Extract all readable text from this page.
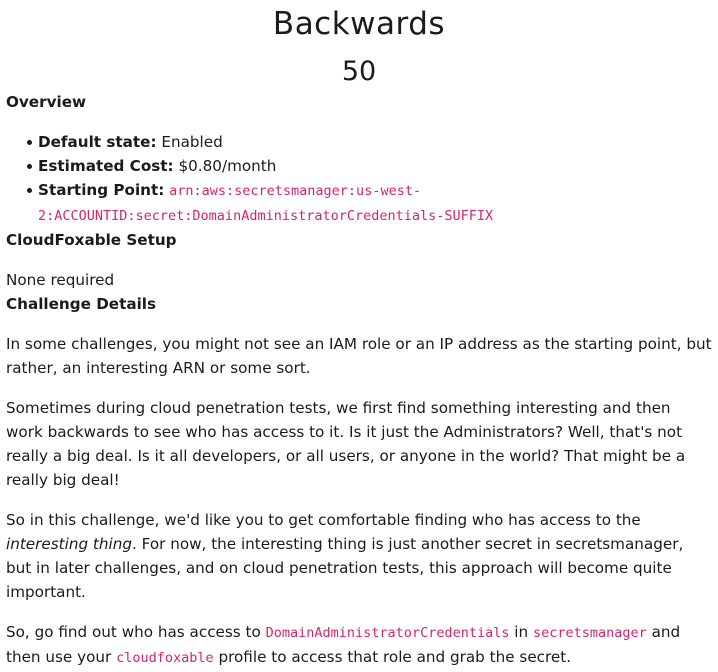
Backwards
50
Overview
Default state: Enabled
Estimated Cost: $0.80/month
Starting Point: arn:aws:secretsmanager:us-west-
2:ACCOUNTID:secret:DomainAdministratorCredentials-SUFFIX
CloudFoxable Setup

None required

Challenge Details

In some challenges, you might not see an IAM role or an IP address as the starting point, but rather, an interesting ARN or some sort.

Sometimes during cloud penetration tests, we first find something interesting and then work backwards to see who has access to it. Is it just the Administrators? Well, that's not really a big deal. Is it all developers, or all users, or anyone in the world? That might be a really big deal!

So in this challenge, we'd like you to get comfortable finding who has access to the interesting thing. For now, the interesting thing is just another secret in secretsmanager, but in later challenges, and on cloud penetration tests, this approach will become quite important.

So, go find out who has access to DomainAdministratorCredentials in secretsmanager and then use your cloudfoxable profile to access that role and grab the secret.
